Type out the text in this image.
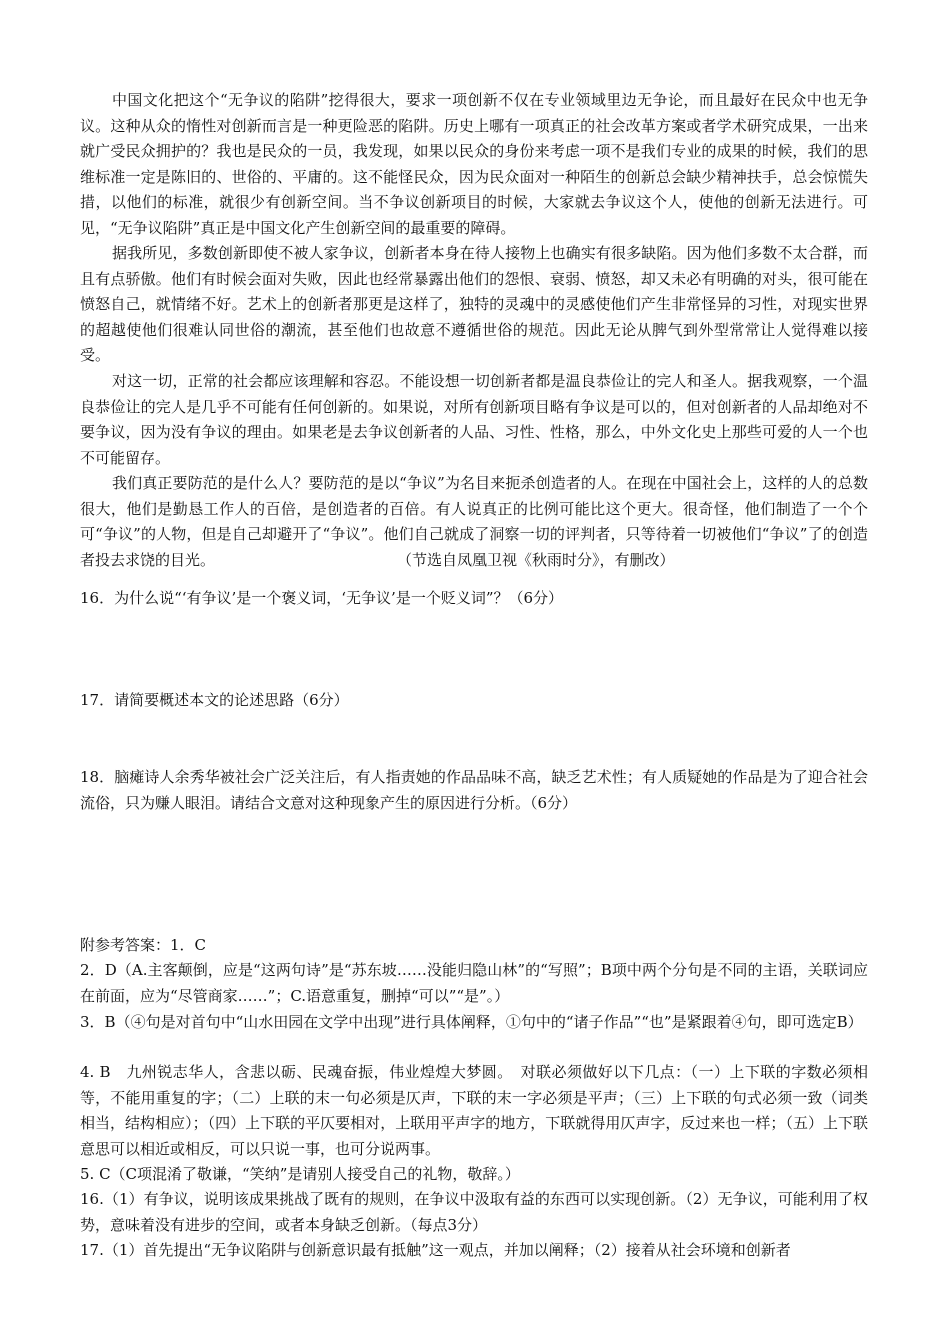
中国文化把这个“无争议的陷阱”挖得很大，要求一项创新不仅在专业领域里边无争论，而且最好在民众中也无争议。这种从众的惰性对创新而言是一种更险恶的陷阱。历史上哪有一项真正的社会改革方案或者学术研究成果，一出来就广受民众拥护的？我也是民众的一员，我发现，如果以民众的身份来考虑一项不是我们专业的成果的时候，我们的思维标准一定是陈旧的、世俗的、平庸的。这不能怪民众，因为民众面对一种陌生的创新总会缺少精神扶手，总会惊慌失措，以他们的标准，就很少有创新空间。当不争议创新项目的时候，大家就去争议这个人，使他的创新无法进行。可见，“无争议陷阱”真正是中国文化产生创新空间的最重要的障碍。

据我所见，多数创新即使不被人家争议，创新者本身在待人接物上也确实有很多缺陷。因为他们多数不太合群，而且有点骄傲。他们有时候会面对失败，因此也经常暴露出他们的怨恨、衰弱、愤怒，却又未必有明确的对头，很可能在愤怒自己，就情绪不好。艺术上的创新者那更是这样了，独特的灵魂中的灵感使他们产生非常怪异的习性，对现实世界的超越使他们很难认同世俗的潮流，甚至他们也故意不遵循世俗的规范。因此无论从脾气到外型常常让人觉得难以接受。

对这一切，正常的社会都应该理解和容忍。不能设想一切创新者都是温良恭俭让的完人和圣人。据我观察，一个温良恭俭让的完人是几乎不可能有任何创新的。如果说，对所有创新项目略有争议是可以的，但对创新者的人品却绝对不要争议，因为没有争议的理由。如果老是去争议创新者的人品、习性、性格，那么，中外文化史上那些可爱的人一个也不可能留存。

我们真正要防范的是什么人？要防范的是以“争议”为名目来扼杀创造者的人。在现在中国社会上，这样的人的总数很大，他们是勤恳工作人的百倍，是创造者的百倍。有人说真正的比例可能比这个更大。很奇怪，他们制造了一个个可“争议”的人物，但是自己却避开了“争议”。他们自己就成了洞察一切的评判者，只等待着一切被他们“争议”了的创造者投去求饶的目光。	（节选自凤凰卫视《秋雨时分》，有删改）

16．为什么说“‘有争议’是一个褒义词，‘无争议’是一个贬义词”？（6分）

17．请简要概述本文的论述思路（6分）

18．脑瘫诗人余秀华被社会广泛关注后，有人指责她的作品品味不高，缺乏艺术性；有人质疑她的作品是为了迎合社会流俗，只为赚人眼泪。请结合文意对这种现象产生的原因进行分析。（6分）

附参考答案：1．C

2．D（A.主客颠倒，应是“这两句诗”是“苏东坡……没能归隐山林”的“写照”；B项中两个分句是不同的主语，关联词应在前面，应为“尽管商家……”；C.语意重复，删掉“可以”“是”。）

3．B（④句是对首句中“山水田园在文学中出现”进行具体阐释，①句中的“诸子作品”“也”是紧跟着④句，即可选定B）

4. B　九州锐志华人，含悲以砺、民魂奋振，伟业煌煌大梦圆。　对联必须做好以下几点：（一）上下联的字数必须相等，不能用重复的字；（二）上联的末一句必须是仄声，下联的末一字必须是平声；（三）上下联的句式必须一致（词类相当，结构相应）；（四）上下联的平仄要相对，上联用平声字的地方，下联就得用仄声字，反过来也一样；（五）上下联意思可以相近或相反，可以只说一事，也可分说两事。

5. C（C项混淆了敬谦，“笑纳”是请别人接受自己的礼物，敬辞。）

16.（1）有争议，说明该成果挑战了既有的规则，在争议中汲取有益的东西可以实现创新。（2）无争议，可能利用了权势，意味着没有进步的空间，或者本身缺乏创新。（每点3分）

17.（1）首先提出“无争议陷阱与创新意识最有抵触”这一观点，并加以阐释；（2）接着从社会环境和创新者
